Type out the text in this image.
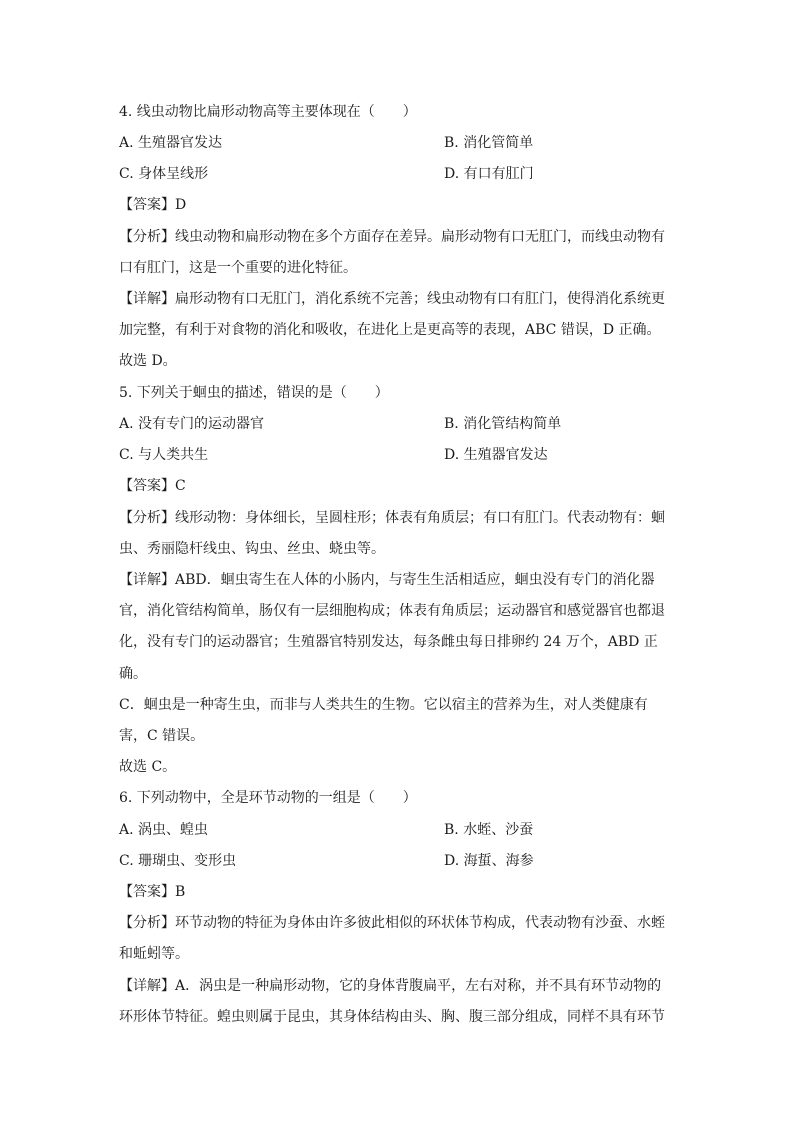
4. 线虫动物比扁形动物高等主要体现在（　　）
A. 生殖器官发达	B. 消化管简单
C. 身体呈线形	D. 有口有肛门
【答案】D
【分析】线虫动物和扁形动物在多个方面存在差异。扁形动物有口无肛门，而线虫动物有
口有肛门，这是一个重要的进化特征。
【详解】扁形动物有口无肛门，消化系统不完善；线虫动物有口有肛门，使得消化系统更
加完整，有利于对食物的消化和吸收，在进化上是更高等的表现，ABC 错误，D 正确。
故选 D。
5. 下列关于蛔虫的描述，错误的是（　　）
A. 没有专门的运动器官	B. 消化管结构简单
C. 与人类共生	D. 生殖器官发达
【答案】C
【分析】线形动物：身体细长，呈圆柱形；体表有角质层；有口有肛门。代表动物有：蛔
虫、秀丽隐杆线虫、钩虫、丝虫、蛲虫等。
【详解】ABD．蛔虫寄生在人体的小肠内，与寄生生活相适应，蛔虫没有专门的消化器
官，消化管结构简单，肠仅有一层细胞构成；体表有角质层；运动器官和感觉器官也都退
化，没有专门的运动器官；生殖器官特别发达，每条雌虫每日排卵约 24 万个，ABD 正
确。
C．蛔虫是一种寄生虫，而非与人类共生的生物。它以宿主的营养为生，对人类健康有
害，C 错误。
故选 C。
6. 下列动物中，全是环节动物的一组是（　　）
A. 涡虫、蝗虫	B. 水蛭、沙蚕
C. 珊瑚虫、变形虫	D. 海蜇、海参
【答案】B
【分析】环节动物的特征为身体由许多彼此相似的环状体节构成，代表动物有沙蚕、水蛭
和蚯蚓等。
【详解】A．涡虫是一种扁形动物，它的身体背腹扁平，左右对称，并不具有环节动物的
环形体节特征。蝗虫则属于昆虫，其身体结构由头、胸、腹三部分组成，同样不具有环节
